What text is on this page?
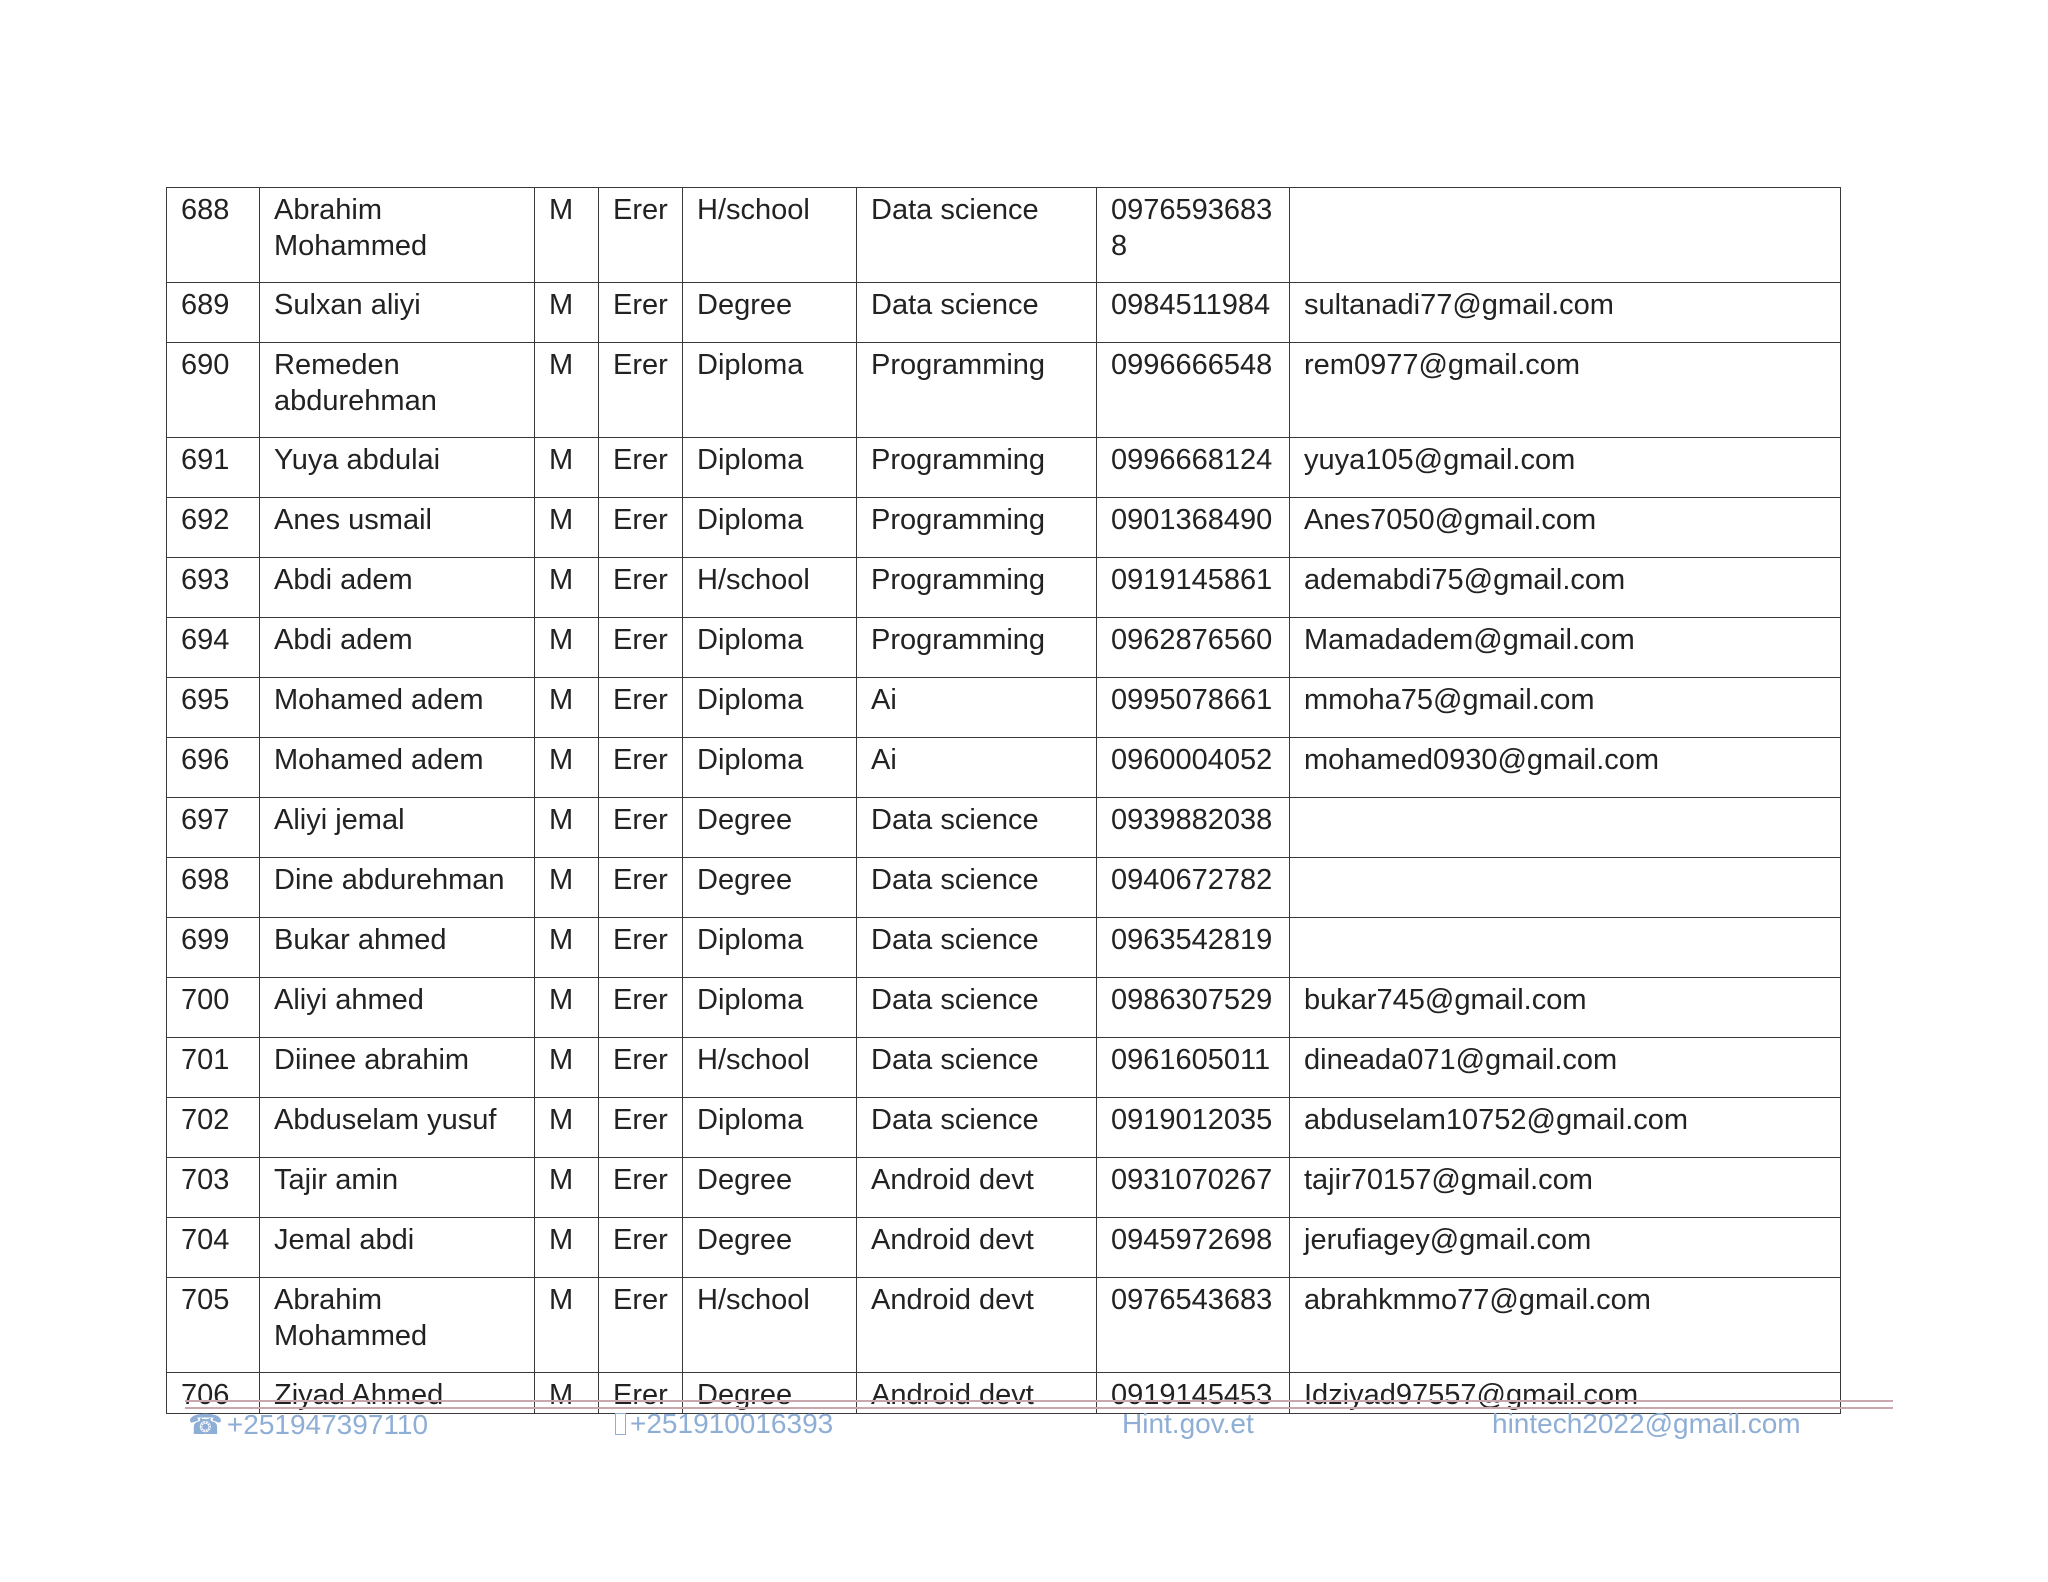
688	Abrahim Mohammed	M	Erer	H/school	Data science	09765936838	
689	Sulxan aliyi	M	Erer	Degree	Data science	0984511984	sultanadi77@gmail.com
690	Remeden abdurehman	M	Erer	Diploma	Programming	0996666548	rem0977@gmail.com
691	Yuya abdulai	M	Erer	Diploma	Programming	0996668124	yuya105@gmail.com
692	Anes usmail	M	Erer	Diploma	Programming	0901368490	Anes7050@gmail.com
693	Abdi adem	M	Erer	H/school	Programming	0919145861	ademabdi75@gmail.com
694	Abdi adem	M	Erer	Diploma	Programming	0962876560	Mamadadem@gmail.com
695	Mohamed adem	M	Erer	Diploma	Ai	0995078661	mmoha75@gmail.com
696	Mohamed adem	M	Erer	Diploma	Ai	0960004052	mohamed0930@gmail.com
697	Aliyi jemal	M	Erer	Degree	Data science	0939882038	
698	Dine abdurehman	M	Erer	Degree	Data science	0940672782	
699	Bukar ahmed	M	Erer	Diploma	Data science	0963542819	
700	Aliyi ahmed	M	Erer	Diploma	Data science	0986307529	bukar745@gmail.com
701	Diinee abrahim	M	Erer	H/school	Data science	0961605011	dineada071@gmail.com
702	Abduselam yusuf	M	Erer	Diploma	Data science	0919012035	abduselam10752@gmail.com
703	Tajir amin	M	Erer	Degree	Android devt	0931070267	tajir70157@gmail.com
704	Jemal abdi	M	Erer	Degree	Android devt	0945972698	jerufiagey@gmail.com
705	Abrahim Mohammed	M	Erer	H/school	Android devt	0976543683	abrahkmmo77@gmail.com
706	Ziyad Ahmed	M	Erer	Degree	Android devt	0919145453	Idziyad97557@gmail.com
☎ +251947397110	+251910016393	Hint.gov.et	hintech2022@gmail.com
